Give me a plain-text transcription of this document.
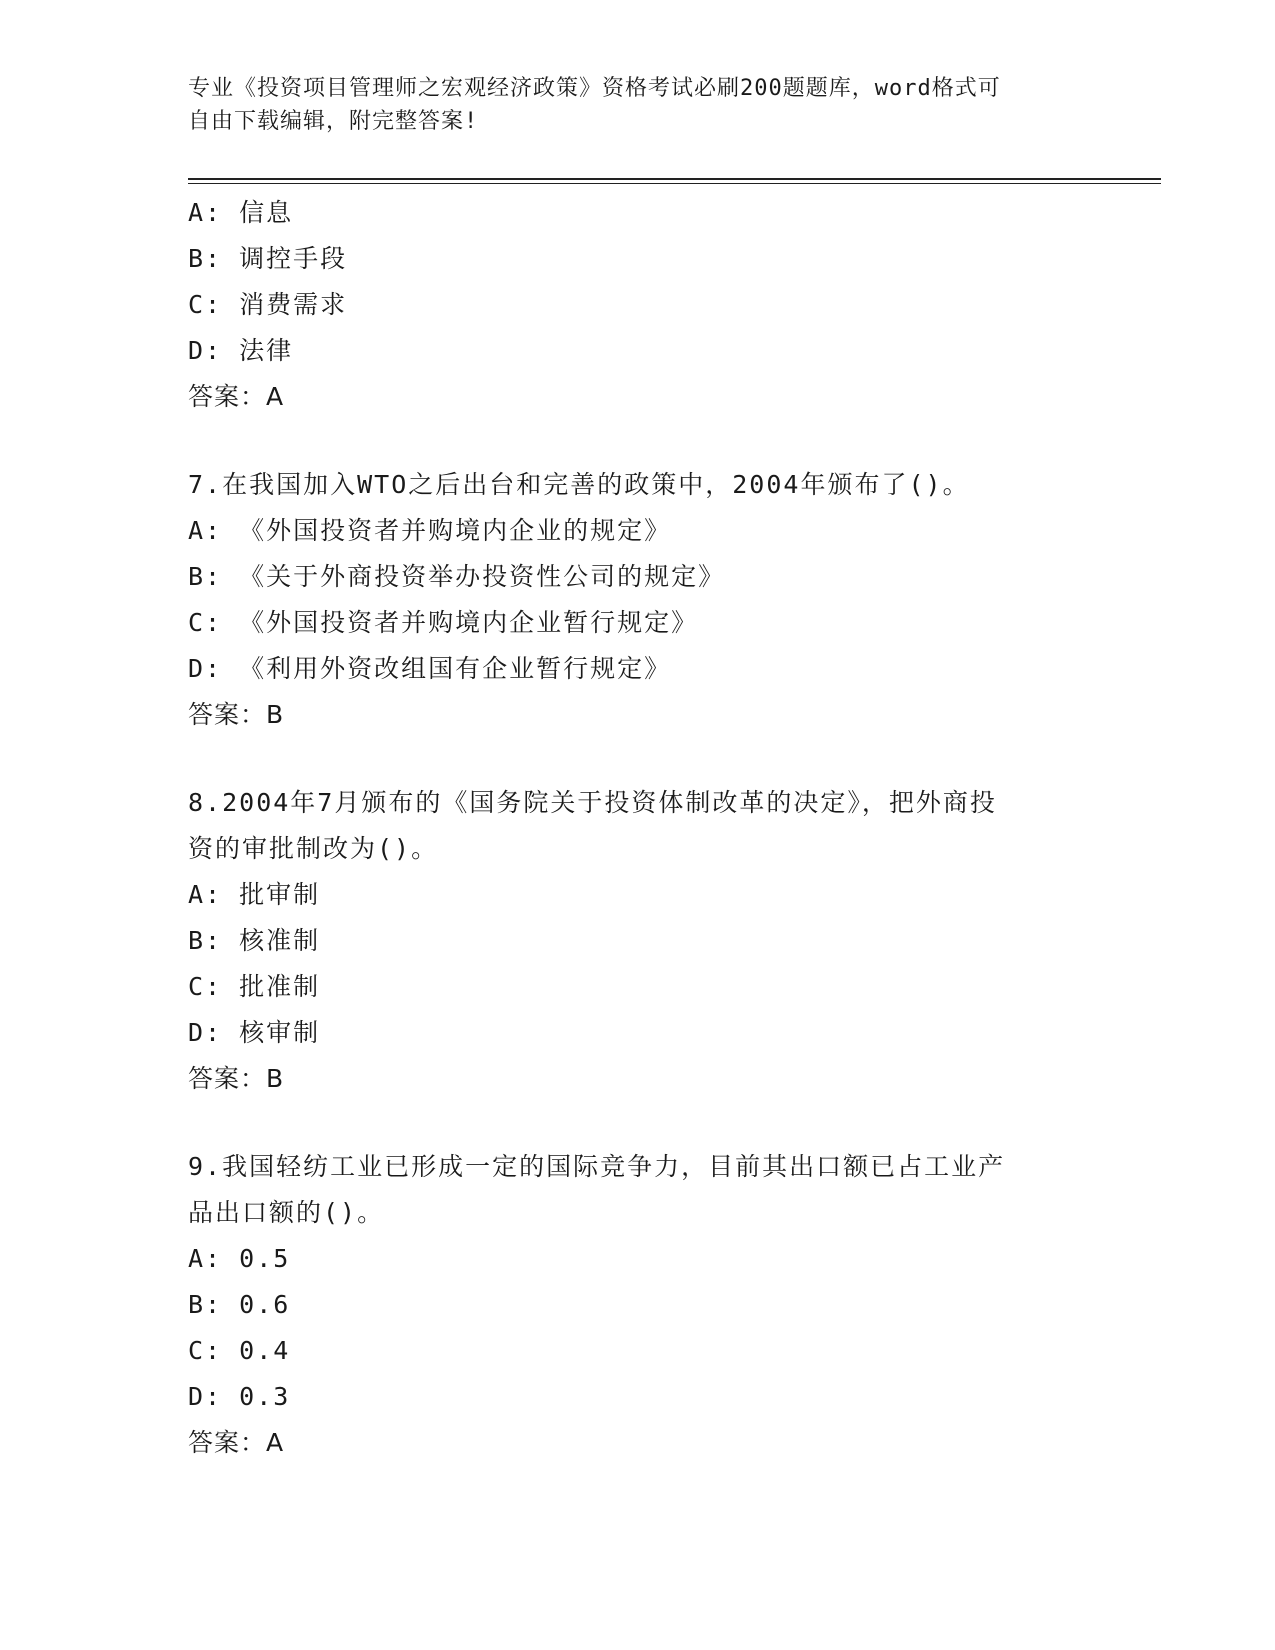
专业《投资项目管理师之宏观经济政策》资格考试必刷200题题库，word格式可
自由下载编辑，附完整答案!
A: 信息
B: 调控手段
C: 消费需求
D: 法律
答案：A
7.在我国加入WTO之后出台和完善的政策中，2004年颁布了()。
A: 《外国投资者并购境内企业的规定》
B: 《关于外商投资举办投资性公司的规定》
C: 《外国投资者并购境内企业暂行规定》
D: 《利用外资改组国有企业暂行规定》
答案：B
8.2004年7月颁布的《国务院关于投资体制改革的决定》，把外商投
资的审批制改为()。
A: 批审制
B: 核准制
C: 批准制
D: 核审制
答案：B
9.我国轻纺工业已形成一定的国际竞争力，目前其出口额已占工业产
品出口额的()。
A: 0.5
B: 0.6
C: 0.4
D: 0.3
答案：A
